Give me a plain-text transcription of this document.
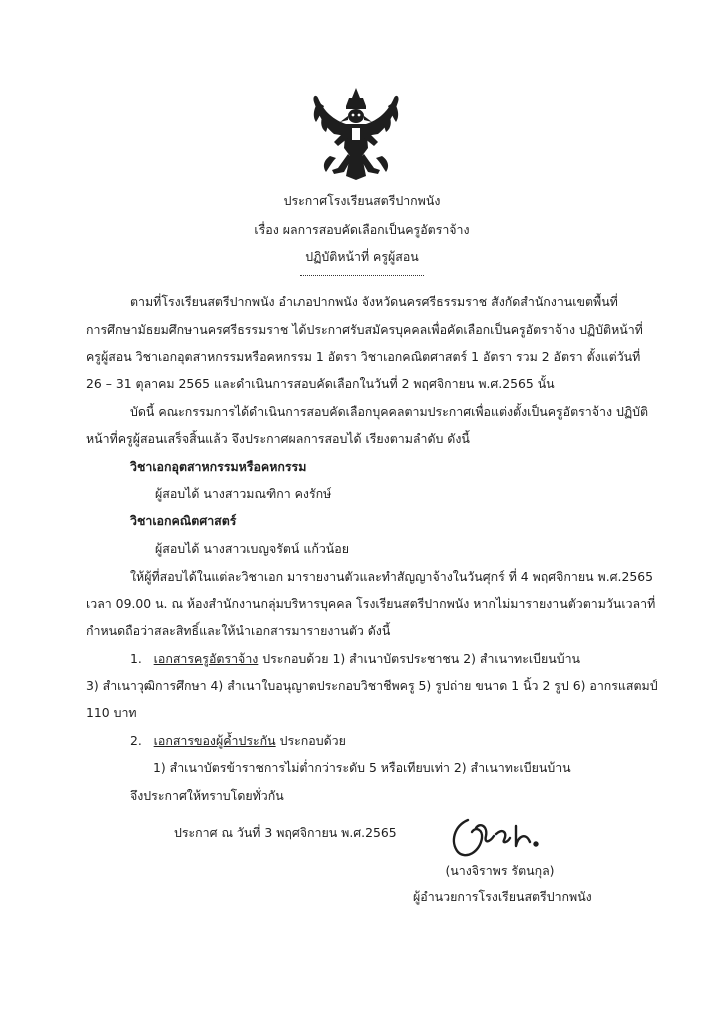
ประกาศโรงเรียนสตรีปากพนัง
เรื่อง ผลการสอบคัดเลือกเป็นครูอัตราจ้าง
ปฏิบัติหน้าที่ ครูผู้สอน
ตามที่โรงเรียนสตรีปากพนัง อำเภอปากพนัง จังหวัดนครศรีธรรมราช สังกัดสำนักงานเขตพื้นที่
การศึกษามัธยมศึกษานครศรีธรรมราช ได้ประกาศรับสมัครบุคคลเพื่อคัดเลือกเป็นครูอัตราจ้าง ปฏิบัติหน้าที่
ครูผู้สอน วิชาเอกอุตสาหกรรมหรือคหกรรม 1 อัตรา วิชาเอกคณิตศาสตร์ 1 อัตรา รวม 2 อัตรา ตั้งแต่วันที่
26 – 31 ตุลาคม 2565 และดำเนินการสอบคัดเลือกในวันที่ 2 พฤศจิกายน พ.ศ.2565 นั้น
บัดนี้ คณะกรรมการได้ดำเนินการสอบคัดเลือกบุคคลตามประกาศเพื่อแต่งตั้งเป็นครูอัตราจ้าง ปฏิบัติ
หน้าที่ครูผู้สอนเสร็จสิ้นแล้ว จึงประกาศผลการสอบได้ เรียงตามลำดับ ดังนี้
วิชาเอกอุตสาหกรรมหรือคหกรรม
ผู้สอบได้ นางสาวมณฑิกา คงรักษ์
วิชาเอกคณิตศาสตร์
ผู้สอบได้ นางสาวเบญจรัตน์ แก้วน้อย
ให้ผู้ที่สอบได้ในแต่ละวิชาเอก มารายงานตัวและทำสัญญาจ้างในวันศุกร์ ที่ 4 พฤศจิกายน พ.ศ.2565
เวลา 09.00 น. ณ ห้องสำนักงานกลุ่มบริหารบุคคล โรงเรียนสตรีปากพนัง หากไม่มารายงานตัวตามวันเวลาที่
กำหนดถือว่าสละสิทธิ์และให้นำเอกสารมารายงานตัว ดังนี้
1. เอกสารครูอัตราจ้าง ประกอบด้วย 1) สำเนาบัตรประชาชน 2) สำเนาทะเบียนบ้าน
3) สำเนาวุฒิการศึกษา 4) สำเนาใบอนุญาตประกอบวิชาชีพครู 5) รูปถ่าย ขนาด 1 นิ้ว 2 รูป 6) อากรแสตมป์
110 บาท
2. เอกสารของผู้ค้ำประกัน ประกอบด้วย
1) สำเนาบัตรข้าราชการไม่ต่ำกว่าระดับ 5 หรือเทียบเท่า 2) สำเนาทะเบียนบ้าน
จึงประกาศให้ทราบโดยทั่วกัน
ประกาศ ณ วันที่ 3 พฤศจิกายน พ.ศ.2565
(นางจิราพร รัตนกุล)
ผู้อำนวยการโรงเรียนสตรีปากพนัง
